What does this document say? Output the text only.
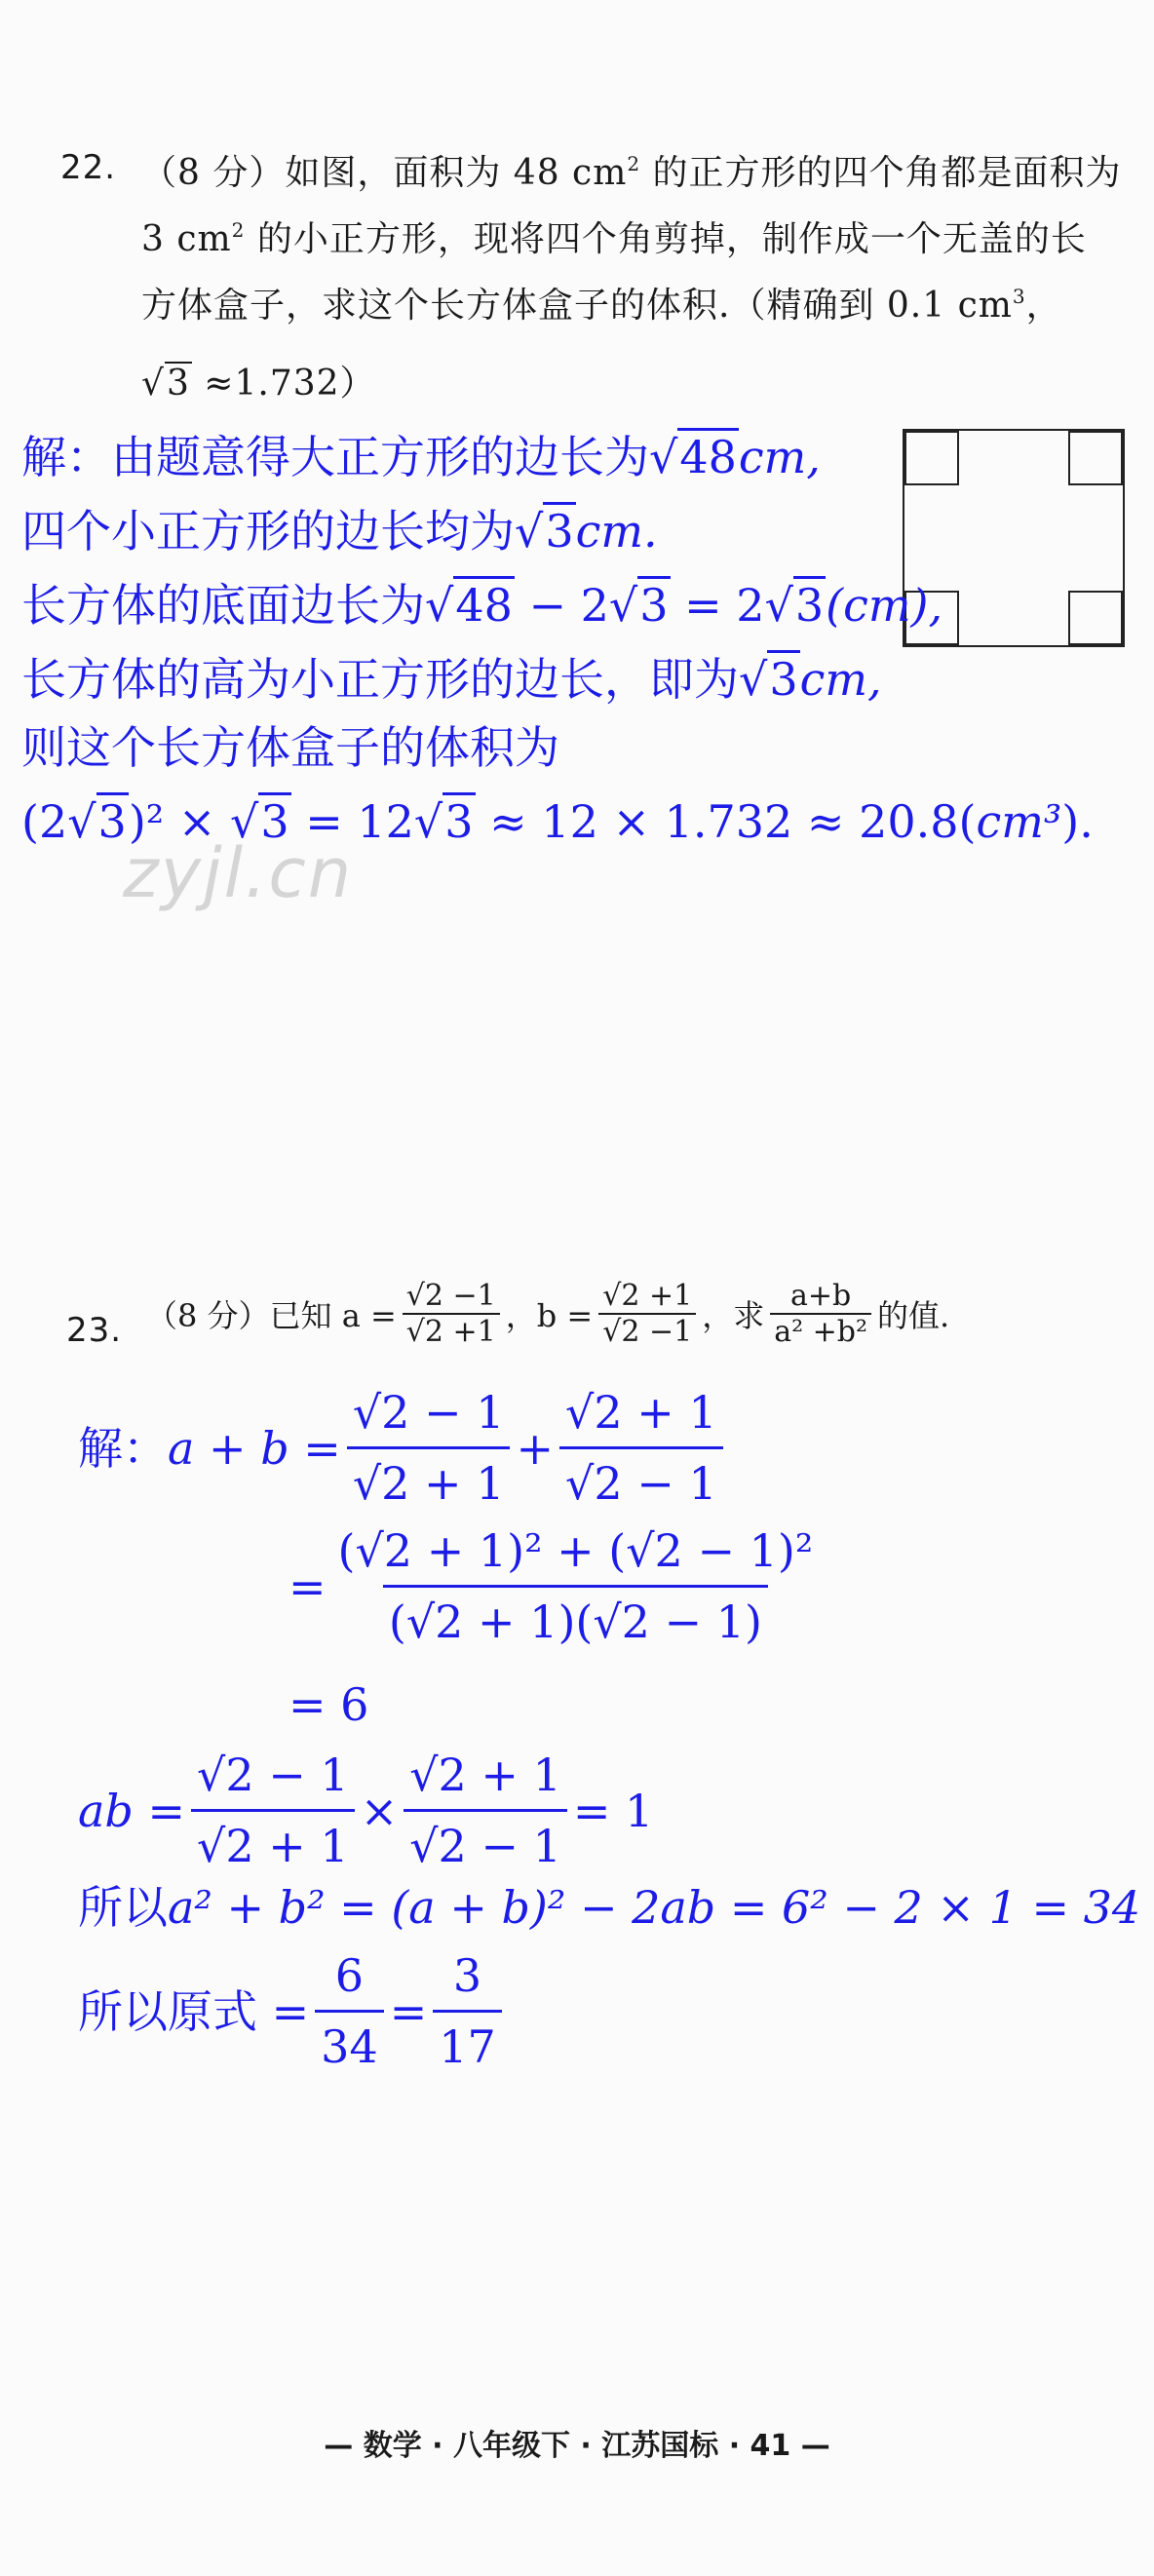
22. （8 分）如图，面积为 48 $cm^2$ 的正方形的四个角都是面积为
3 $cm^2$ 的小正方形，现将四个角剪掉，制作成一个无盖的长
方体盒子，求这个长方体盒子的体积.（精确到 0.1 $cm^3$，
√3 ≈1.732）
解：由题意得大正方形的边长为√48cm,
四个小正方形的边长均为√3cm.
长方体的底面边长为√48 − 2√3 = 2√3(cm),
长方体的高为小正方形的边长，即为√3cm,
则这个长方体盒子的体积为
(2√3)² × √3 = 12√3 ≈ 12 × 1.732 ≈ 20.8(cm³).
zyjl.cn
23. （8 分）已知 $a = \frac{√2 -1}{√2 +1}$ ，$b = \frac{√2 +1}{√2 -1}$ ，求 $\frac{a+b}{\text{a² +b²}}$ 的值.
解： $a + b = \frac{√2 - 1}{√2 + 1} + \frac{√2 + 1}{√2 - 1}$
= $\frac{\text{(√2 + 1)² + (√2 − 1)²}}{(√2 + 1)(√2 - 1)}$
= 6
ab = $\frac{√2 - 1}{√2 + 1} \times \frac{√2 + 1}{√2 - 1} = 1$
所以a² + b² = (a + b)² − 2ab = 6² − 2 × 1 = 34
所以原式 = $\frac{6}{34} = \frac{3}{17}$
— 数学 · 八年级下 · 江苏国标 · 41 —
